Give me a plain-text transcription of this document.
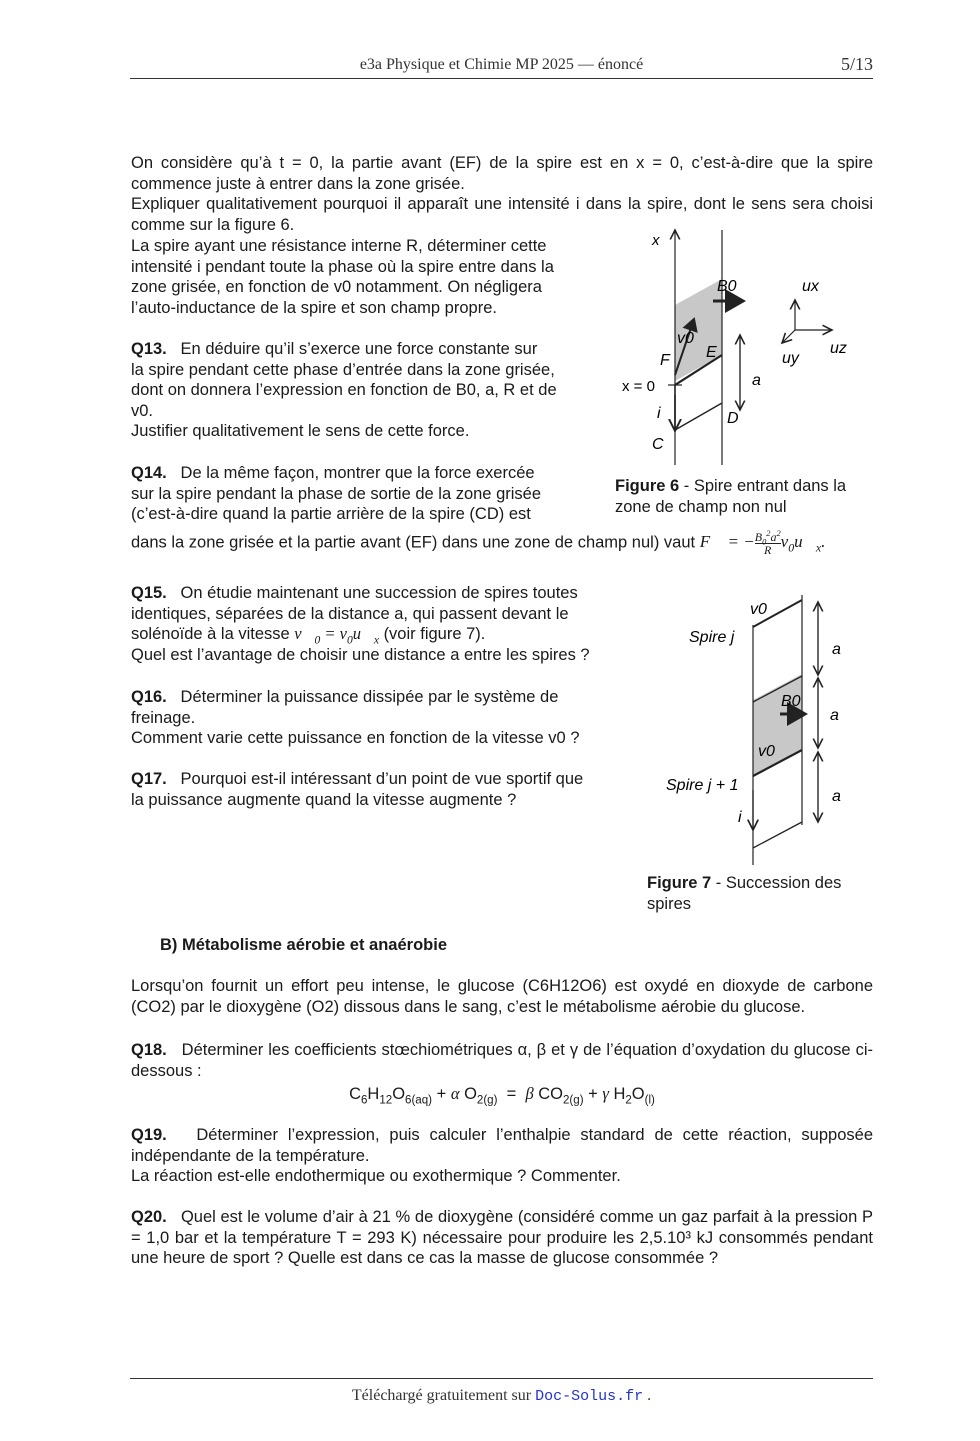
e3a Physique et Chimie MP 2025 — énoncé	5/13

On considère qu’à t = 0, la partie avant (EF) de la spire est en x = 0, c’est-à-dire que la spire commence juste à entrer dans la zone grisée.

Expliquer qualitativement pourquoi il apparaît une intensité i dans la spire, dont le sens sera choisi comme sur la figure 6.

La spire ayant une résistance interne R, déterminer cette
intensité i pendant toute la phase où la spire entre dans la
zone grisée, en fonction de v0 notamment. On négligera
l’auto-inductance de la spire et son champ propre.
Q13. En déduire qu’il s’exerce une force constante sur
la spire pendant cette phase d’entrée dans la zone grisée,
dont on donnera l’expression en fonction de B0, a, R et de
v0.
Justifier qualitativement le sens de cette force.
Q14. De la même façon, montrer que la force exercée
sur la spire pendant la phase de sortie de la zone grisée
(c’est-à-dire quand la partie arrière de la spire (CD) est
dans la zone grisée et la partie avant (EF) dans une zone de champ nul) vaut F⃗ = − $\frac{B_0^2a^2}{R}$ $v_0u⃗_x$.
x
B0
v0
F E
a
x = 0
i	D
C
ux
uz
uy
Figure 6 - Spire entrant dans la zone de champ non nul
Q15. On étudie maintenant une succession de spires toutes
identiques, séparées de la distance a, qui passent devant le
solénoïde à la vitesse $v⃗_0$ = $v_0u⃗_x$ (voir figure 7).
Quel est l’avantage de choisir une distance a entre les spires ?
Q16. Déterminer la puissance dissipée par le système de
freinage.
Comment varie cette puissance en fonction de la vitesse v0 ?
Q17. Pourquoi est-il intéressant d’un point de vue sportif que
la puissance augmente quand la vitesse augmente ?
v0
Spire j
a
B0
a
v0
Spire j + 1
a
i
Figure 7 - Succession des spires
B) Métabolisme aérobie et anaérobie
Lorsqu’on fournit un effort peu intense, le glucose (C6H12O6) est oxydé en dioxyde de carbone (CO2) par le dioxygène (O2) dissous dans le sang, c’est le métabolisme aérobie du glucose.
Q18. Déterminer les coefficients stœchiométriques α, β et γ de l’équation d’oxydation du glucose ci-dessous :
$C_6H_{12}O_{6(aq)} + \alpha$ $O_{2(g)} = \beta$ $CO_{2(g)} + \gamma$ $H_2O_{(l)}$

Q19. Déterminer l’expression, puis calculer l’enthalpie standard de cette réaction, supposée indépendante de la température.

La réaction est-elle endothermique ou exothermique ? Commenter.

Q20. Quel est le volume d’air à 21 % de dioxygène (considéré comme un gaz parfait à la pression P = 1,0 bar et la température T = 293 K) nécessaire pour produire les 2,5.10³ kJ consommés pendant une heure de sport ? Quelle est dans ce cas la masse de glucose consommée ?
Téléchargé gratuitement sur Doc-Solus.fr .
